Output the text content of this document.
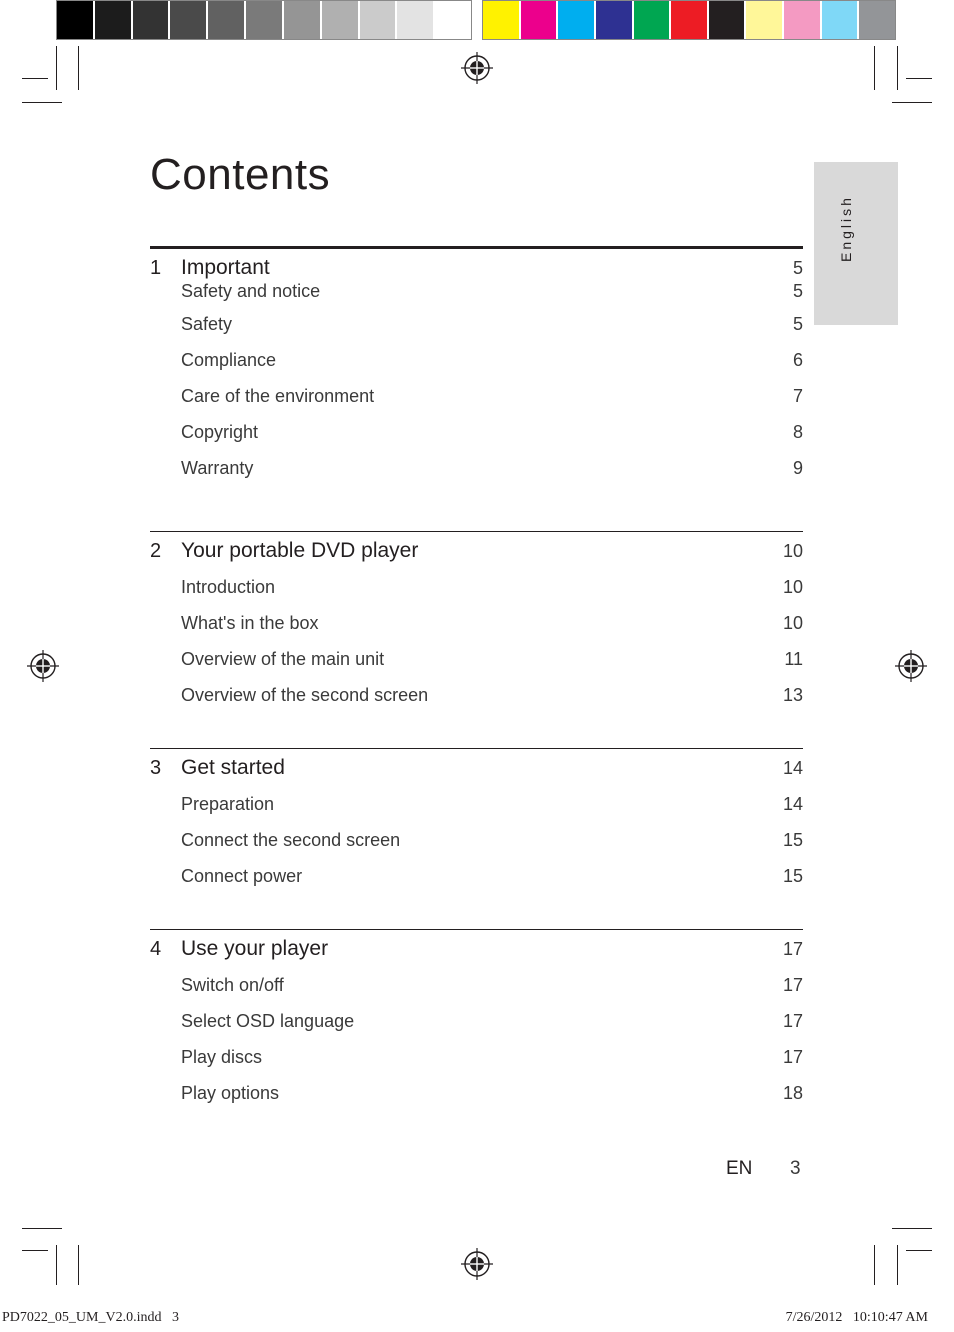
English
Contents
1 Important	5
Safety and notice	5
Safety	5
Compliance	6
Care of the environment	7
Copyright	8
Warranty	9
2 Your portable DVD player	10
Introduction	10
What's in the box	10
Overview of the main unit	11
Overview of the second screen	13
3 Get started	14
Preparation	14
Connect the second screen	15
Connect power	15
4 Use your player	17
Switch on/off	17
Select OSD language	17
Play discs	17
Play options	18
EN 3
PD7022_05_UM_V2.0.indd   3	7/26/2012   10:10:47 AM
